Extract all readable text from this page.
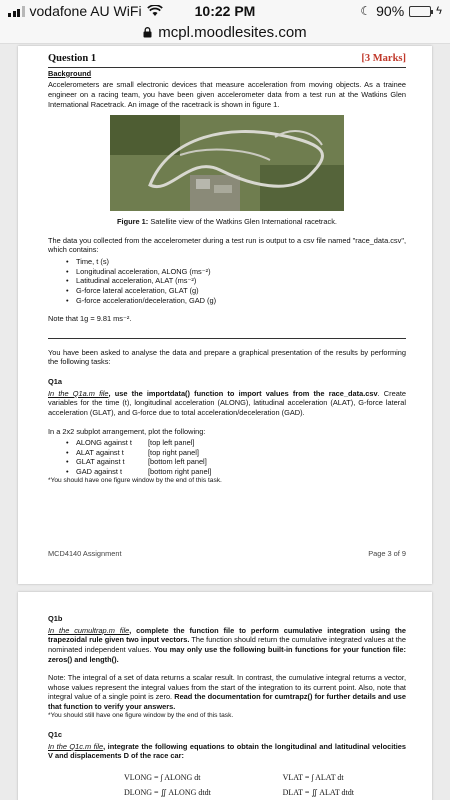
vodafone AU WiFi	10:22 PM	☾ 90%	ϟ
mcpl.moodlesites.com
Question 1	[3 Marks]
Background
Accelerometers are small electronic devices that measure acceleration from moving objects. As a trainee engineer on a racing team, you have been given accelerometer data from a test run at the Watkins Glen International Racetrack. An image of the racetrack is shown in figure 1.
Figure 1: Satellite view of the Watkins Glen International racetrack.
The data you collected from the accelerometer during a test run is output to a csv file named "race_data.csv", which contains:
• Time, t (s)
• Longitudinal acceleration, ALONG (ms⁻²)
• Latitudinal acceleration, ALAT (ms⁻²)
• G-force lateral acceleration, GLAT (g)
• G-force acceleration/deceleration, GAD (g)
Note that 1g = 9.81 ms⁻².
You have been asked to analyse the data and prepare a graphical presentation of the results by performing the following tasks:
Q1a
In the Q1a.m file, use the importdata() function to import values from the race_data.csv. Create variables for the time (t), longitudinal acceleration (ALONG), latitudinal acceleration (ALAT), G-force lateral acceleration (GLAT), and G-force due to total acceleration/deceleration (GAD).
In a 2x2 subplot arrangement, plot the following:
• ALONG against t [top left panel]
• ALAT against t	[top right panel]
• GLAT against t	[bottom left panel]
• GAD against t	[bottom right panel]
*You should have one figure window by the end of this task.
MCD4140 Assignment	Page 3 of 9
Q1b
In the cumultrap.m file, complete the function file to perform cumulative integration using the trapezoidal rule given two input vectors. The function should return the cumulative integrated values at the nominated independent values. You may only use the following built-in functions for your function file: zeros() and length().
Note: The integral of a set of data returns a scalar result. In contrast, the cumulative integral returns a vector, whose values represent the integral values from the start of the integration to its current point. Also, note that integral value of a single point is zero. Read the documentation for cumtrapz() for further details and use that function to verify your answers.
*You should still have one figure window by the end of this task.
Q1c
In the Q1c.m file, integrate the following equations to obtain the longitudinal and latitudinal velocities V and displacements D of the race car:
VLONG = ∫ ALONG dt
DLONG = ∬ ALONG dtdt
VLAT = ∫ ALAT dt
DLAT = ∬ ALAT dtdt
